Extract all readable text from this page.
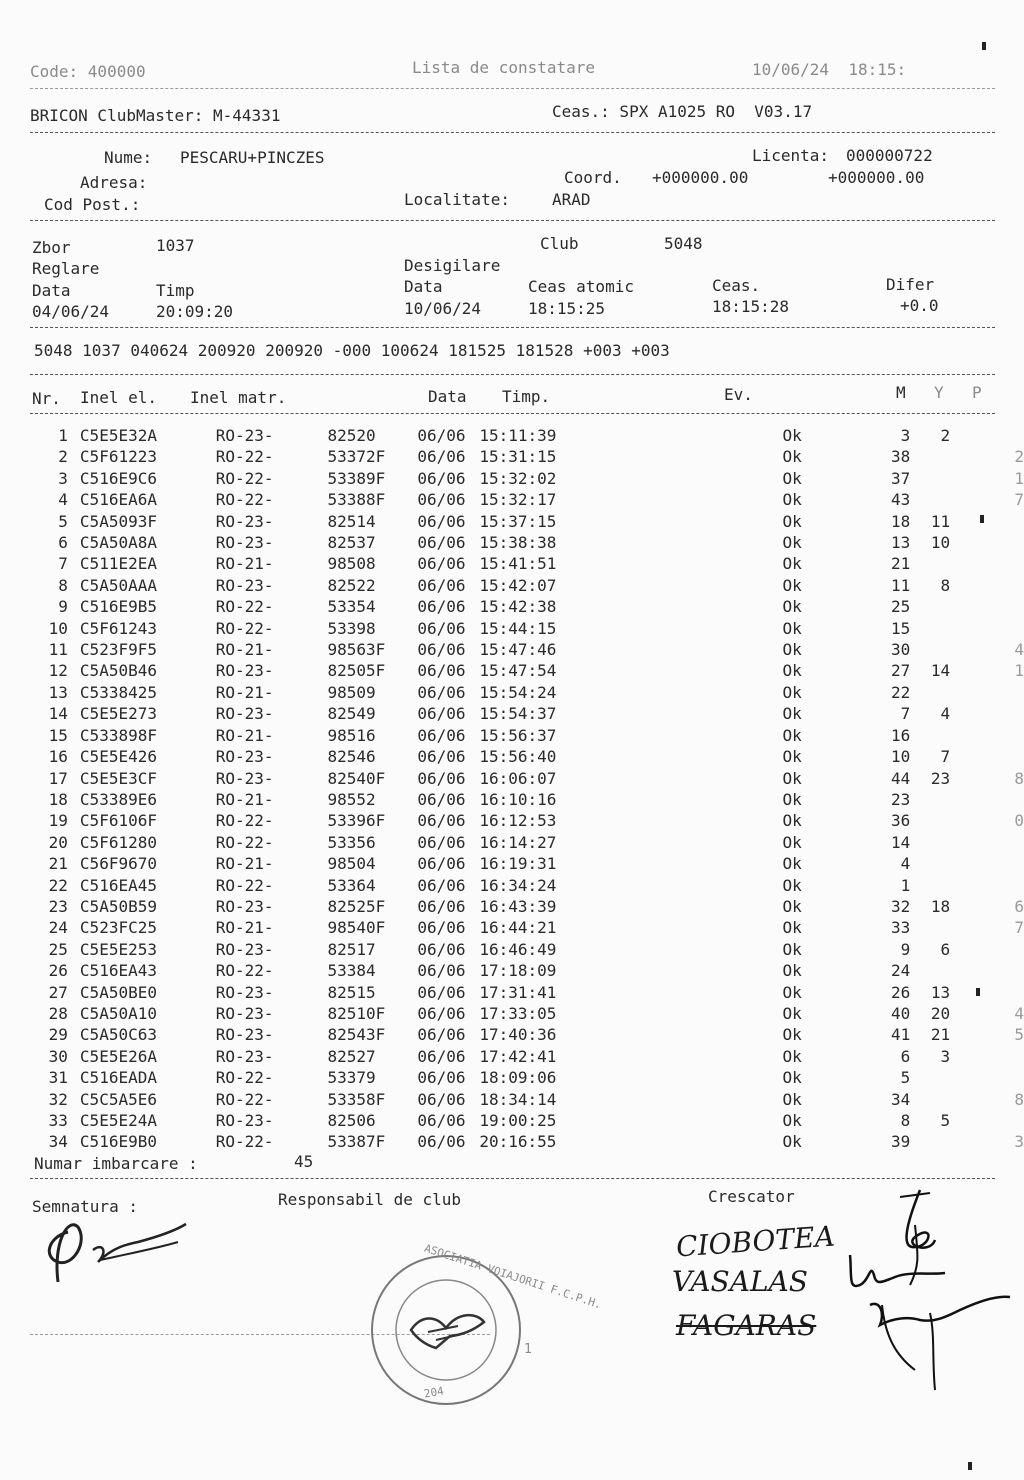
Code: 400000	Lista de constatare	10/06/24  18:15:
BRICON ClubMaster: M-44331	Ceas.: SPX A1025 RO  V03.17
Nume: PESCARU+PINCZES	Licenta: 000000722
Adresa:	Coord. +000000.00	+000000.00
Cod Post.:	Localitate:	ARAD
Zbor	1037	Club	5048
Reglare	Desigilare
Data	Timp	Data	Ceas atomic	Ceas.	Difer
04/06/24	20:09:20	10/06/24	18:15:25	18:15:28	+0.0
5048 1037 040624 200920 200920 -000 100624 181525 181528 +003 +003
Nr. Inel el. Inel matr.	Data Timp.	Ev.	M Y P
1	C5E5E32A	RO-23-	82520	06/06	15:11:39		Ok	3	2		
2	C5F61223	RO-22-	53372F	06/06	15:31:15		Ok	38			2
3	C516E9C6	RO-22-	53389F	06/06	15:32:02		Ok	37			1
4	C516EA6A	RO-22-	53388F	06/06	15:32:17		Ok	43			7
5	C5A5093F	RO-23-	82514	06/06	15:37:15		Ok	18	11		
6	C5A50A8A	RO-23-	82537	06/06	15:38:38		Ok	13	10		
7	C511E2EA	RO-21-	98508	06/06	15:41:51		Ok	21			
8	C5A50AAA	RO-23-	82522	06/06	15:42:07		Ok	11	8		
9	C516E9B5	RO-22-	53354	06/06	15:42:38		Ok	25			
10	C5F61243	RO-22-	53398	06/06	15:44:15		Ok	15			
11	C523F9F5	RO-21-	98563F	06/06	15:47:46		Ok	30			4
12	C5A50B46	RO-23-	82505F	06/06	15:47:54		Ok	27	14		1
13	C5338425	RO-21-	98509	06/06	15:54:24		Ok	22			
14	C5E5E273	RO-23-	82549	06/06	15:54:37		Ok	7	4		
15	C533898F	RO-21-	98516	06/06	15:56:37		Ok	16			
16	C5E5E426	RO-23-	82546	06/06	15:56:40		Ok	10	7		
17	C5E5E3CF	RO-23-	82540F	06/06	16:06:07		Ok	44	23		8
18	C53389E6	RO-21-	98552	06/06	16:10:16		Ok	23			
19	C5F6106F	RO-22-	53396F	06/06	16:12:53		Ok	36			0
20	C5F61280	RO-22-	53356	06/06	16:14:27		Ok	14			
21	C56F9670	RO-21-	98504	06/06	16:19:31		Ok	4			
22	C516EA45	RO-22-	53364	06/06	16:34:24		Ok	1			
23	C5A50B59	RO-23-	82525F	06/06	16:43:39		Ok	32	18		6
24	C523FC25	RO-21-	98540F	06/06	16:44:21		Ok	33			7
25	C5E5E253	RO-23-	82517	06/06	16:46:49		Ok	9	6		
26	C516EA43	RO-22-	53384	06/06	17:18:09		Ok	24			
27	C5A50BE0	RO-23-	82515	06/06	17:31:41		Ok	26	13		
28	C5A50A10	RO-23-	82510F	06/06	17:33:05		Ok	40	20		4
29	C5A50C63	RO-23-	82543F	06/06	17:40:36		Ok	41	21		5
30	C5E5E26A	RO-23-	82527	06/06	17:42:41		Ok	6	3		
31	C516EADA	RO-22-	53379	06/06	18:09:06		Ok	5			
32	C5C5A5E6	RO-22-	53358F	06/06	18:34:14		Ok	34			8
33	C5E5E24A	RO-23-	82506	06/06	19:00:25		Ok	8	5		
34	C516E9B0	RO-22-	53387F	06/06	20:16:55		Ok	39			3
Numar imbarcare :	45
Semnatura :	Responsabil de club	Crescator
CIOBOTEA
VASALAS
FAGARAS
ASOCIATIA VOIAJORII F.C.P.H.
204
1
